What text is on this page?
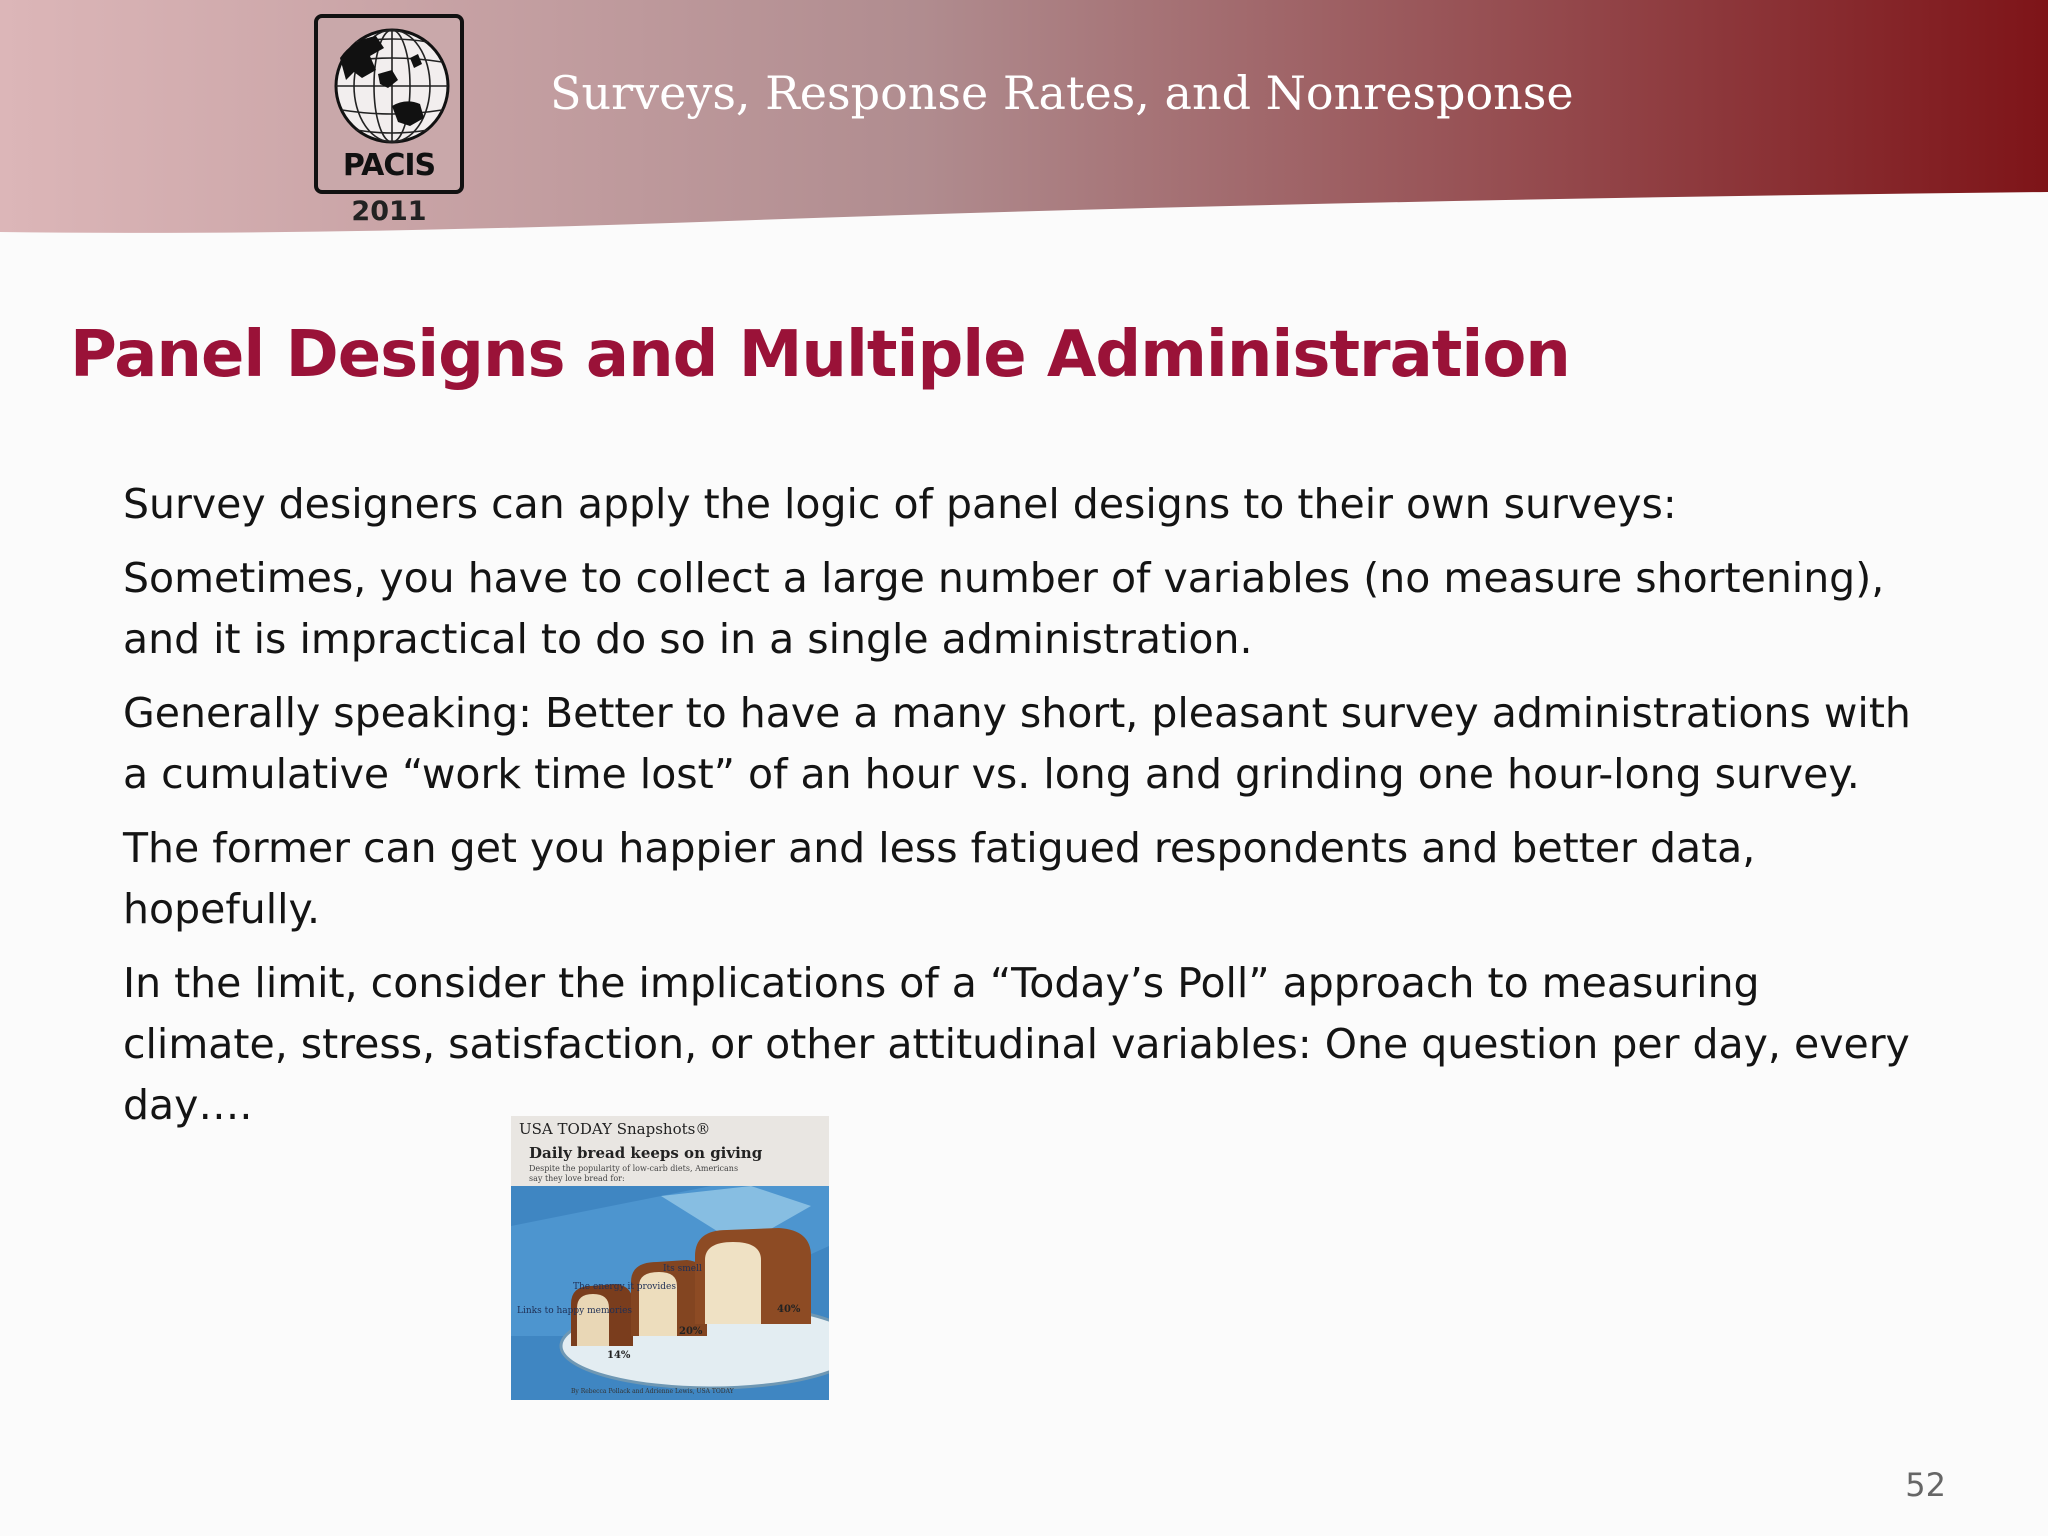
PACIS
2011
Surveys, Response Rates, and Nonresponse
Panel Designs and Multiple Administration

Survey designers can apply the logic of panel designs to their own surveys:

Sometimes, you have to collect a large number of variables (no measure shortening), and it is impractical to do so in a single administration.

Generally speaking: Better to have a many short, pleasant survey administrations with a cumulative “work time lost” of an hour vs. long and grinding one hour-long survey.

The former can get you happier and less fatigued respondents and better data, hopefully.

In the limit, consider the implications of a “Today’s Poll” approach to measuring climate, stress, satisfaction, or other attitudinal variables: One question per day, every day….	USA TODAY Snapshots®
Daily bread keeps on giving
Despite the popularity of low-carb diets, Americans say they love bread for:
Links to happy memories
The energy it provides
Its smell
14%
20%
40%
By Rebecca Pollack and Adrienne Lewis, USA TODAY
52
